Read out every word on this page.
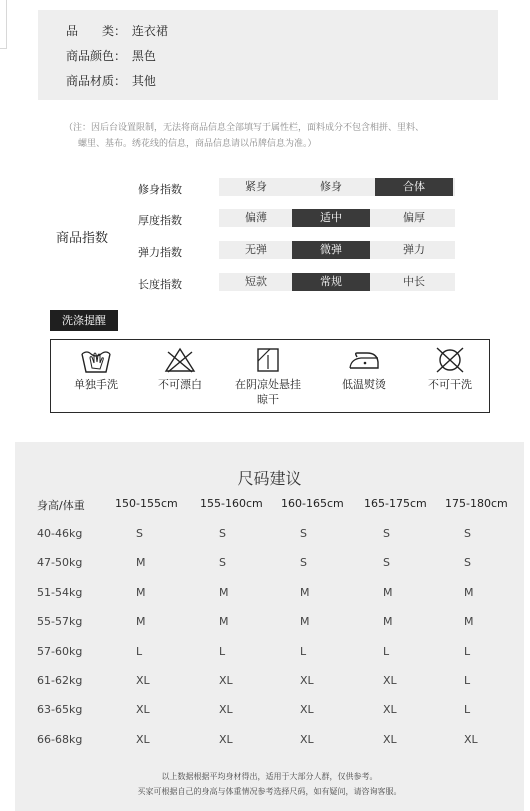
品　　类： 连衣裙
商品颜色： 黑色
商品材质： 其他
（注：因后台设置限制，无法将商品信息全部填写于属性栏，面料成分不包含相拼、里料、
螺里、基布。绣花线的信息，商品信息请以吊牌信息为准。）
商品指数
修身指数	紧身	修身	合体
厚度指数	偏薄	适中	偏厚
弹力指数	无弹	微弹	弹力
长度指数	短款	常规	中长
洗涤提醒
单独手洗	不可漂白	在阴凉处悬挂
晾干
低温熨烫	不可干洗
尺码建议
身高/体重	150-155cm 155-160cm 160-165cm 165-175cm 175-180cm
40-46kg	S	S	S	S	S
47-50kg	M	S	S	S	S
51-54kg	M	M	M	M	M
55-57kg	M	M	M	M	M
57-60kg	L	L	L	L	L
61-62kg	XL	XL	XL	XL	L
63-65kg	XL	XL	XL	XL	L
66-68kg	XL	XL	XL	XL	XL
以上数据根据平均身材得出，适用于大部分人群，仅供参考。
买家可根据自己的身高与体重情况参考选择尺码，如有疑问，请咨询客服。
